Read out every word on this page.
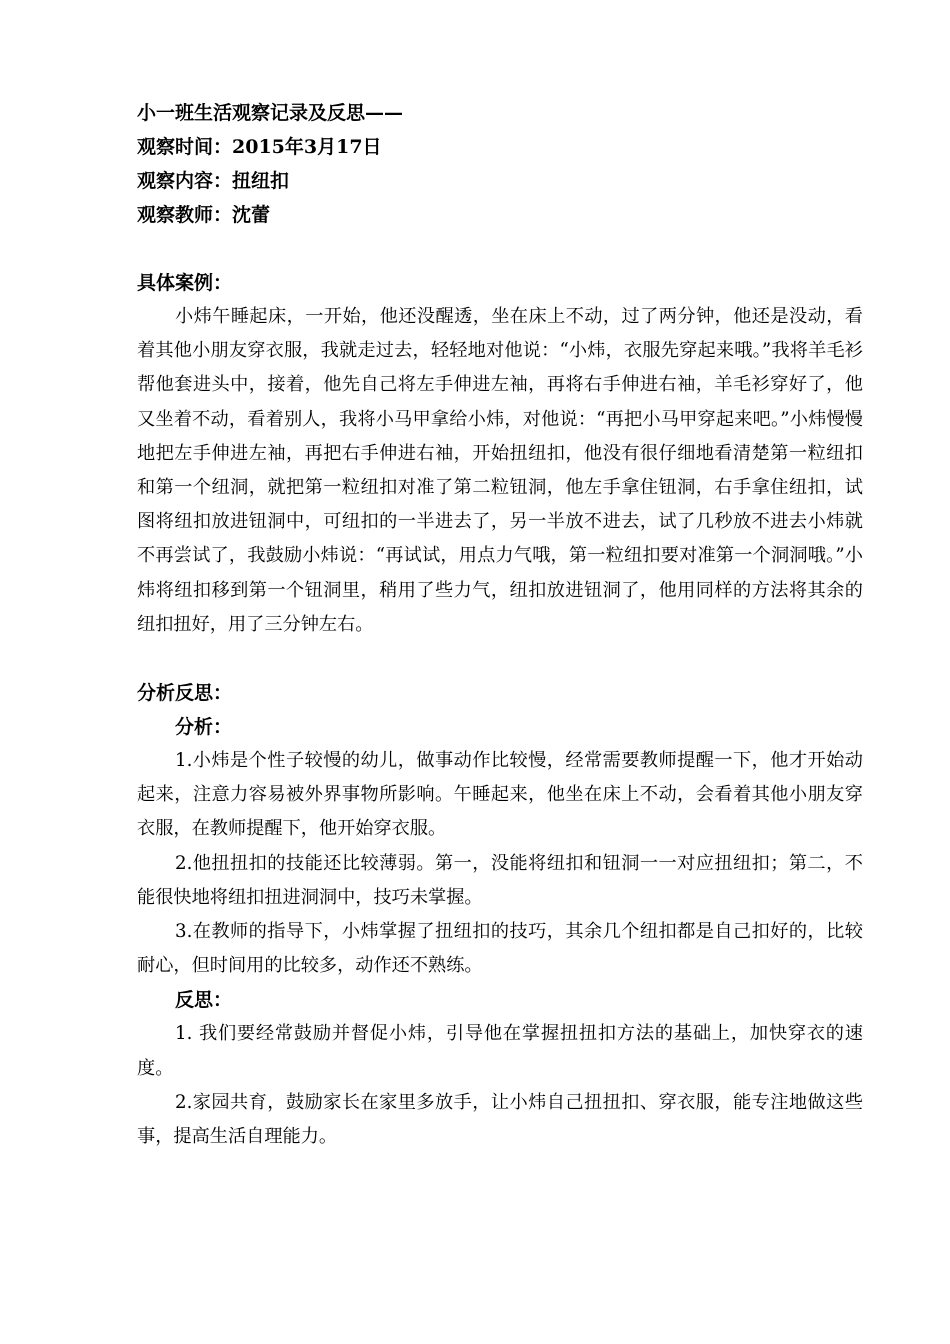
小一班生活观察记录及反思——
观察时间：2015年3月17日
观察内容：扭纽扣
观察教师：沈蕾
具体案例：

小炜午睡起床，一开始，他还没醒透，坐在床上不动，过了两分钟，他还是没动，看着其他小朋友穿衣服，我就走过去，轻轻地对他说：“小炜，衣服先穿起来哦。”我将羊毛衫帮他套进头中，接着，他先自己将左手伸进左袖，再将右手伸进右袖，羊毛衫穿好了，他又坐着不动，看着别人，我将小马甲拿给小炜，对他说：“再把小马甲穿起来吧。”小炜慢慢地把左手伸进左袖，再把右手伸进右袖，开始扭纽扣，他没有很仔细地看清楚第一粒纽扣和第一个纽洞，就把第一粒纽扣对准了第二粒钮洞，他左手拿住钮洞，右手拿住纽扣，试图将纽扣放进钮洞中，可纽扣的一半进去了，另一半放不进去，试了几秒放不进去小炜就不再尝试了，我鼓励小炜说：“再试试，用点力气哦，第一粒纽扣要对准第一个洞洞哦。”小炜将纽扣移到第一个钮洞里，稍用了些力气，纽扣放进钮洞了，他用同样的方法将其余的纽扣扭好，用了三分钟左右。

分析反思：
分析：

1.小炜是个性子较慢的幼儿，做事动作比较慢，经常需要教师提醒一下，他才开始动起来，注意力容易被外界事物所影响。午睡起来，他坐在床上不动，会看着其他小朋友穿衣服，在教师提醒下，他开始穿衣服。

2.他扭扭扣的技能还比较薄弱。第一，没能将纽扣和钮洞一一对应扭纽扣；第二，不能很快地将纽扣扭进洞洞中，技巧未掌握。

3.在教师的指导下，小炜掌握了扭纽扣的技巧，其余几个纽扣都是自己扣好的，比较耐心，但时间用的比较多，动作还不熟练。

反思：

1. 我们要经常鼓励并督促小炜，引导他在掌握扭扭扣方法的基础上，加快穿衣的速度。

2.家园共育，鼓励家长在家里多放手，让小炜自己扭扭扣、穿衣服，能专注地做这些事，提高生活自理能力。
